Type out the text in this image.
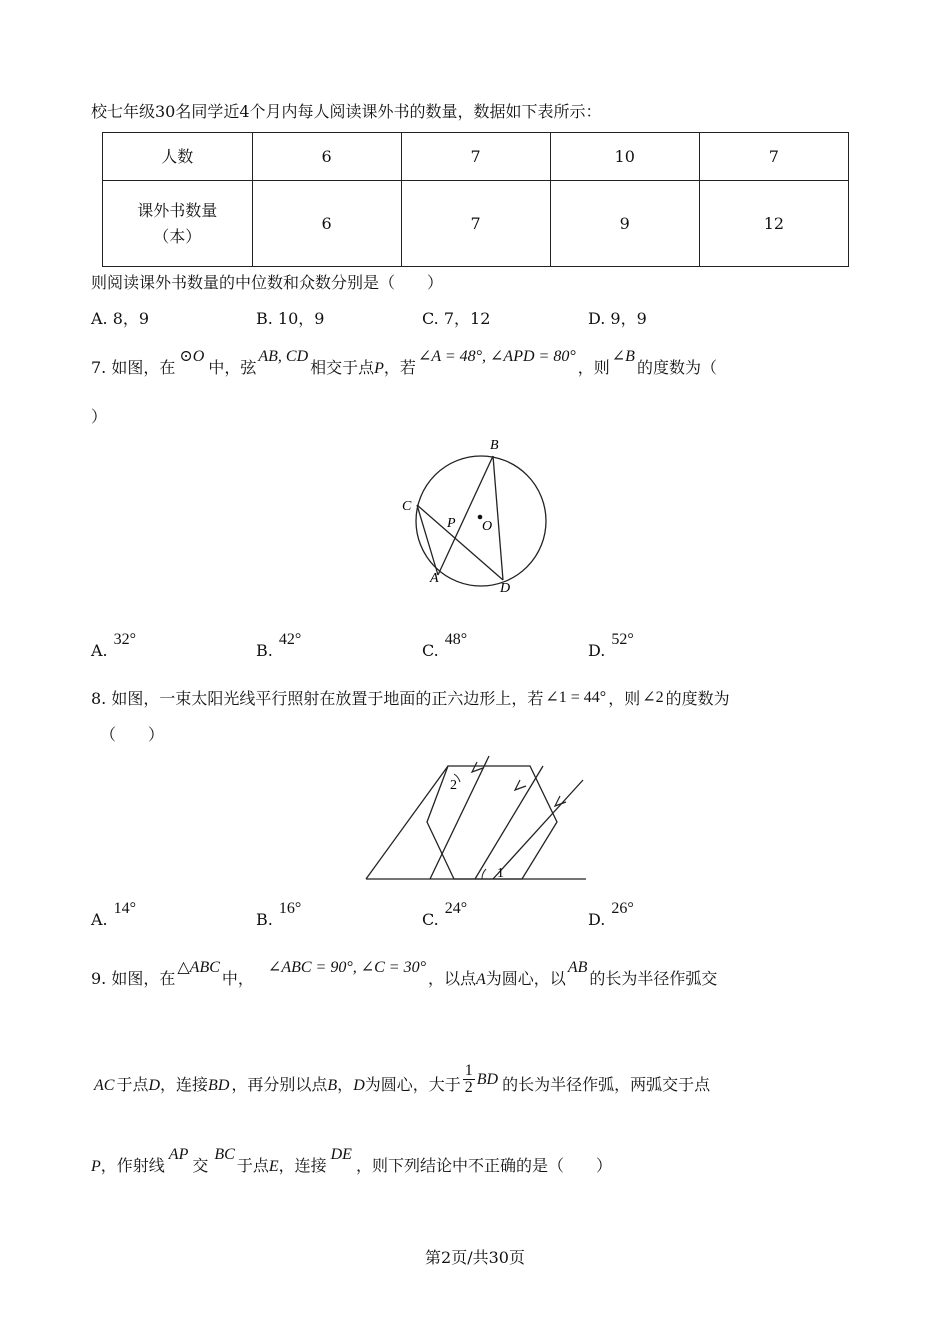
校七年级30名同学近4个月内每人阅读课外书的数量，数据如下表所示：
人数	6	7	10	7

课外书数量
（本）	6	7	9	12
则阅读课外书数量的中位数和众数分别是（　　）
A. 8，9	B. 10，9	C. 7，12	D. 9，9
7. 如图，在⊙O中，弦AB, CD相交于点P，若∠A = 48°, ∠APD = 80°，则∠B的度数为（
）
B
C
P O
A
D
A.32°
B.42°
C.48°
D.52°
8. 如图，一束太阳光线平行照射在放置于地面的正六边形上，若 ∠1 = 44° ，则 ∠2 的度数为
（　　）
1
2
A.14°
B.16°
C.24°
D.26°
9. 如图，在△ABC中，∠ABC = 90°, ∠C = 30°，以点A为圆心，以AB的长为半径作弧交
AC 于点D，连接BD ，再分别以点B，D为圆心，大于 $\frac{1}{2}$ BD 的长为半径作弧，两弧交于点
P，作射线AP交BC于点E，连接DE，则下列结论中不正确的是（　　）
第2页/共30页
